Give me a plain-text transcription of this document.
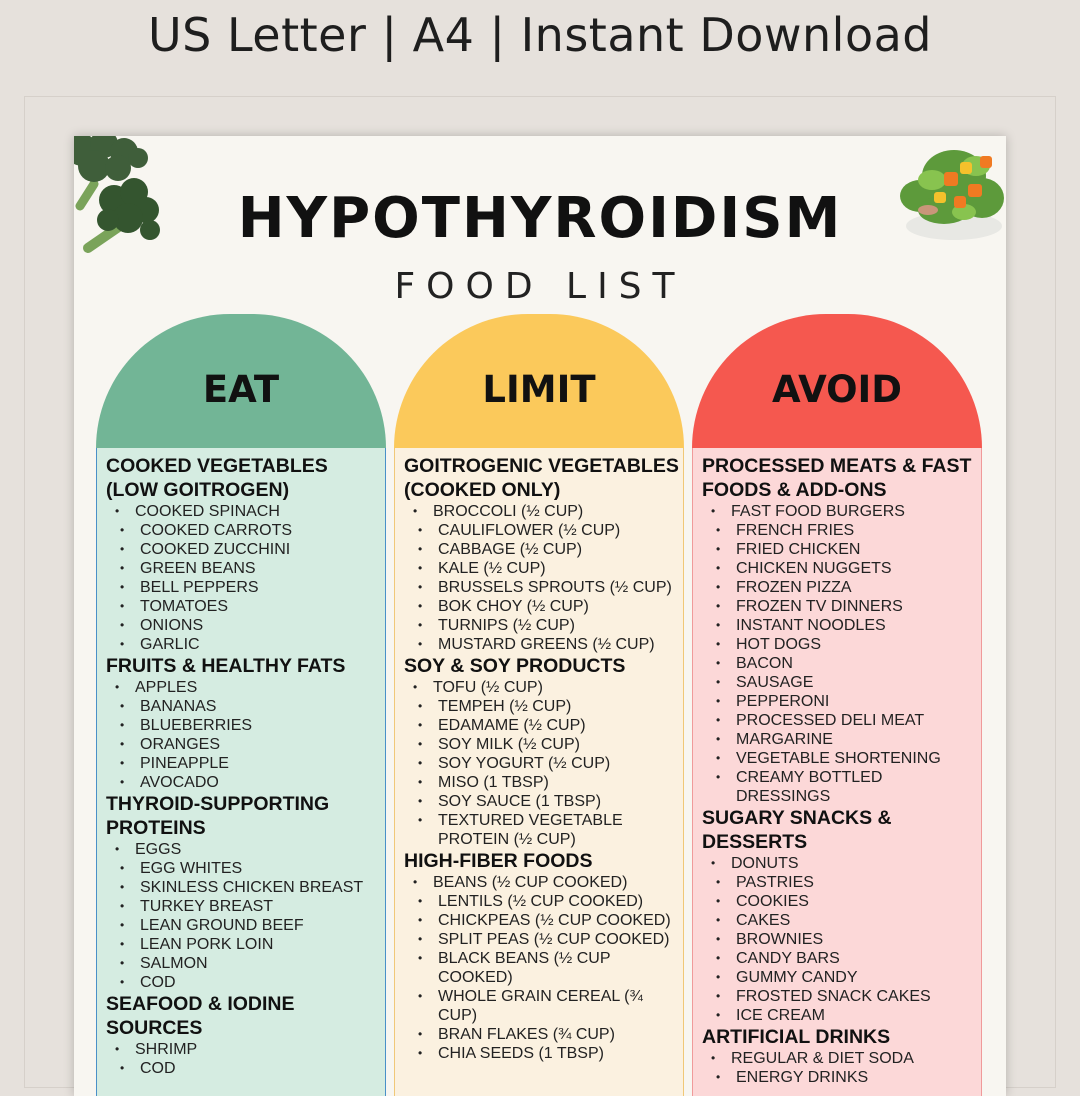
US Letter | A4 | Instant Download
HYPOTHYROIDISM
FOOD LIST
EAT
COOKED VEGETABLES (LOW GOITROGEN)
• COOKED SPINACH
• COOKED CARROTS
• COOKED ZUCCHINI
• GREEN BEANS
• BELL PEPPERS
• TOMATOES
• ONIONS
• GARLIC
FRUITS & HEALTHY FATS
• APPLES
• BANANAS
• BLUEBERRIES
• ORANGES
• PINEAPPLE
• AVOCADO
THYROID-SUPPORTING PROTEINS
• EGGS
• EGG WHITES
• SKINLESS CHICKEN BREAST
• TURKEY BREAST
• LEAN GROUND BEEF
• LEAN PORK LOIN
• SALMON
• COD
SEAFOOD & IODINE SOURCES
• SHRIMP
• COD
LIMIT
GOITROGENIC VEGETABLES (COOKED ONLY)
• BROCCOLI (½ CUP)
• CAULIFLOWER (½ CUP)
• CABBAGE (½ CUP)
• KALE (½ CUP)
• BRUSSELS SPROUTS (½ CUP)
• BOK CHOY (½ CUP)
• TURNIPS (½ CUP)
• MUSTARD GREENS (½ CUP)
SOY & SOY PRODUCTS
• TOFU (½ CUP)
• TEMPEH (½ CUP)
• EDAMAME (½ CUP)
• SOY MILK (½ CUP)
• SOY YOGURT (½ CUP)
• MISO (1 TBSP)
• SOY SAUCE (1 TBSP)
• TEXTURED VEGETABLE PROTEIN (½ CUP)
HIGH-FIBER FOODS
• BEANS (½ CUP COOKED)
• LENTILS (½ CUP COOKED)
• CHICKPEAS (½ CUP COOKED)
• SPLIT PEAS (½ CUP COOKED)
• BLACK BEANS (½ CUP COOKED)
• WHOLE GRAIN CEREAL (¾ CUP)
• BRAN FLAKES (¾ CUP)
• CHIA SEEDS (1 TBSP)
AVOID
PROCESSED MEATS & FAST FOODS & ADD-ONS
• FAST FOOD BURGERS
• FRENCH FRIES
• FRIED CHICKEN
• CHICKEN NUGGETS
• FROZEN PIZZA
• FROZEN TV DINNERS
• INSTANT NOODLES
• HOT DOGS
• BACON
• SAUSAGE
• PEPPERONI
• PROCESSED DELI MEAT
• MARGARINE
• VEGETABLE SHORTENING
• CREAMY BOTTLED DRESSINGS
SUGARY SNACKS & DESSERTS
• DONUTS
• PASTRIES
• COOKIES
• CAKES
• BROWNIES
• CANDY BARS
• GUMMY CANDY
• FROSTED SNACK CAKES
• ICE CREAM
ARTIFICIAL DRINKS
• REGULAR & DIET SODA
• ENERGY DRINKS
